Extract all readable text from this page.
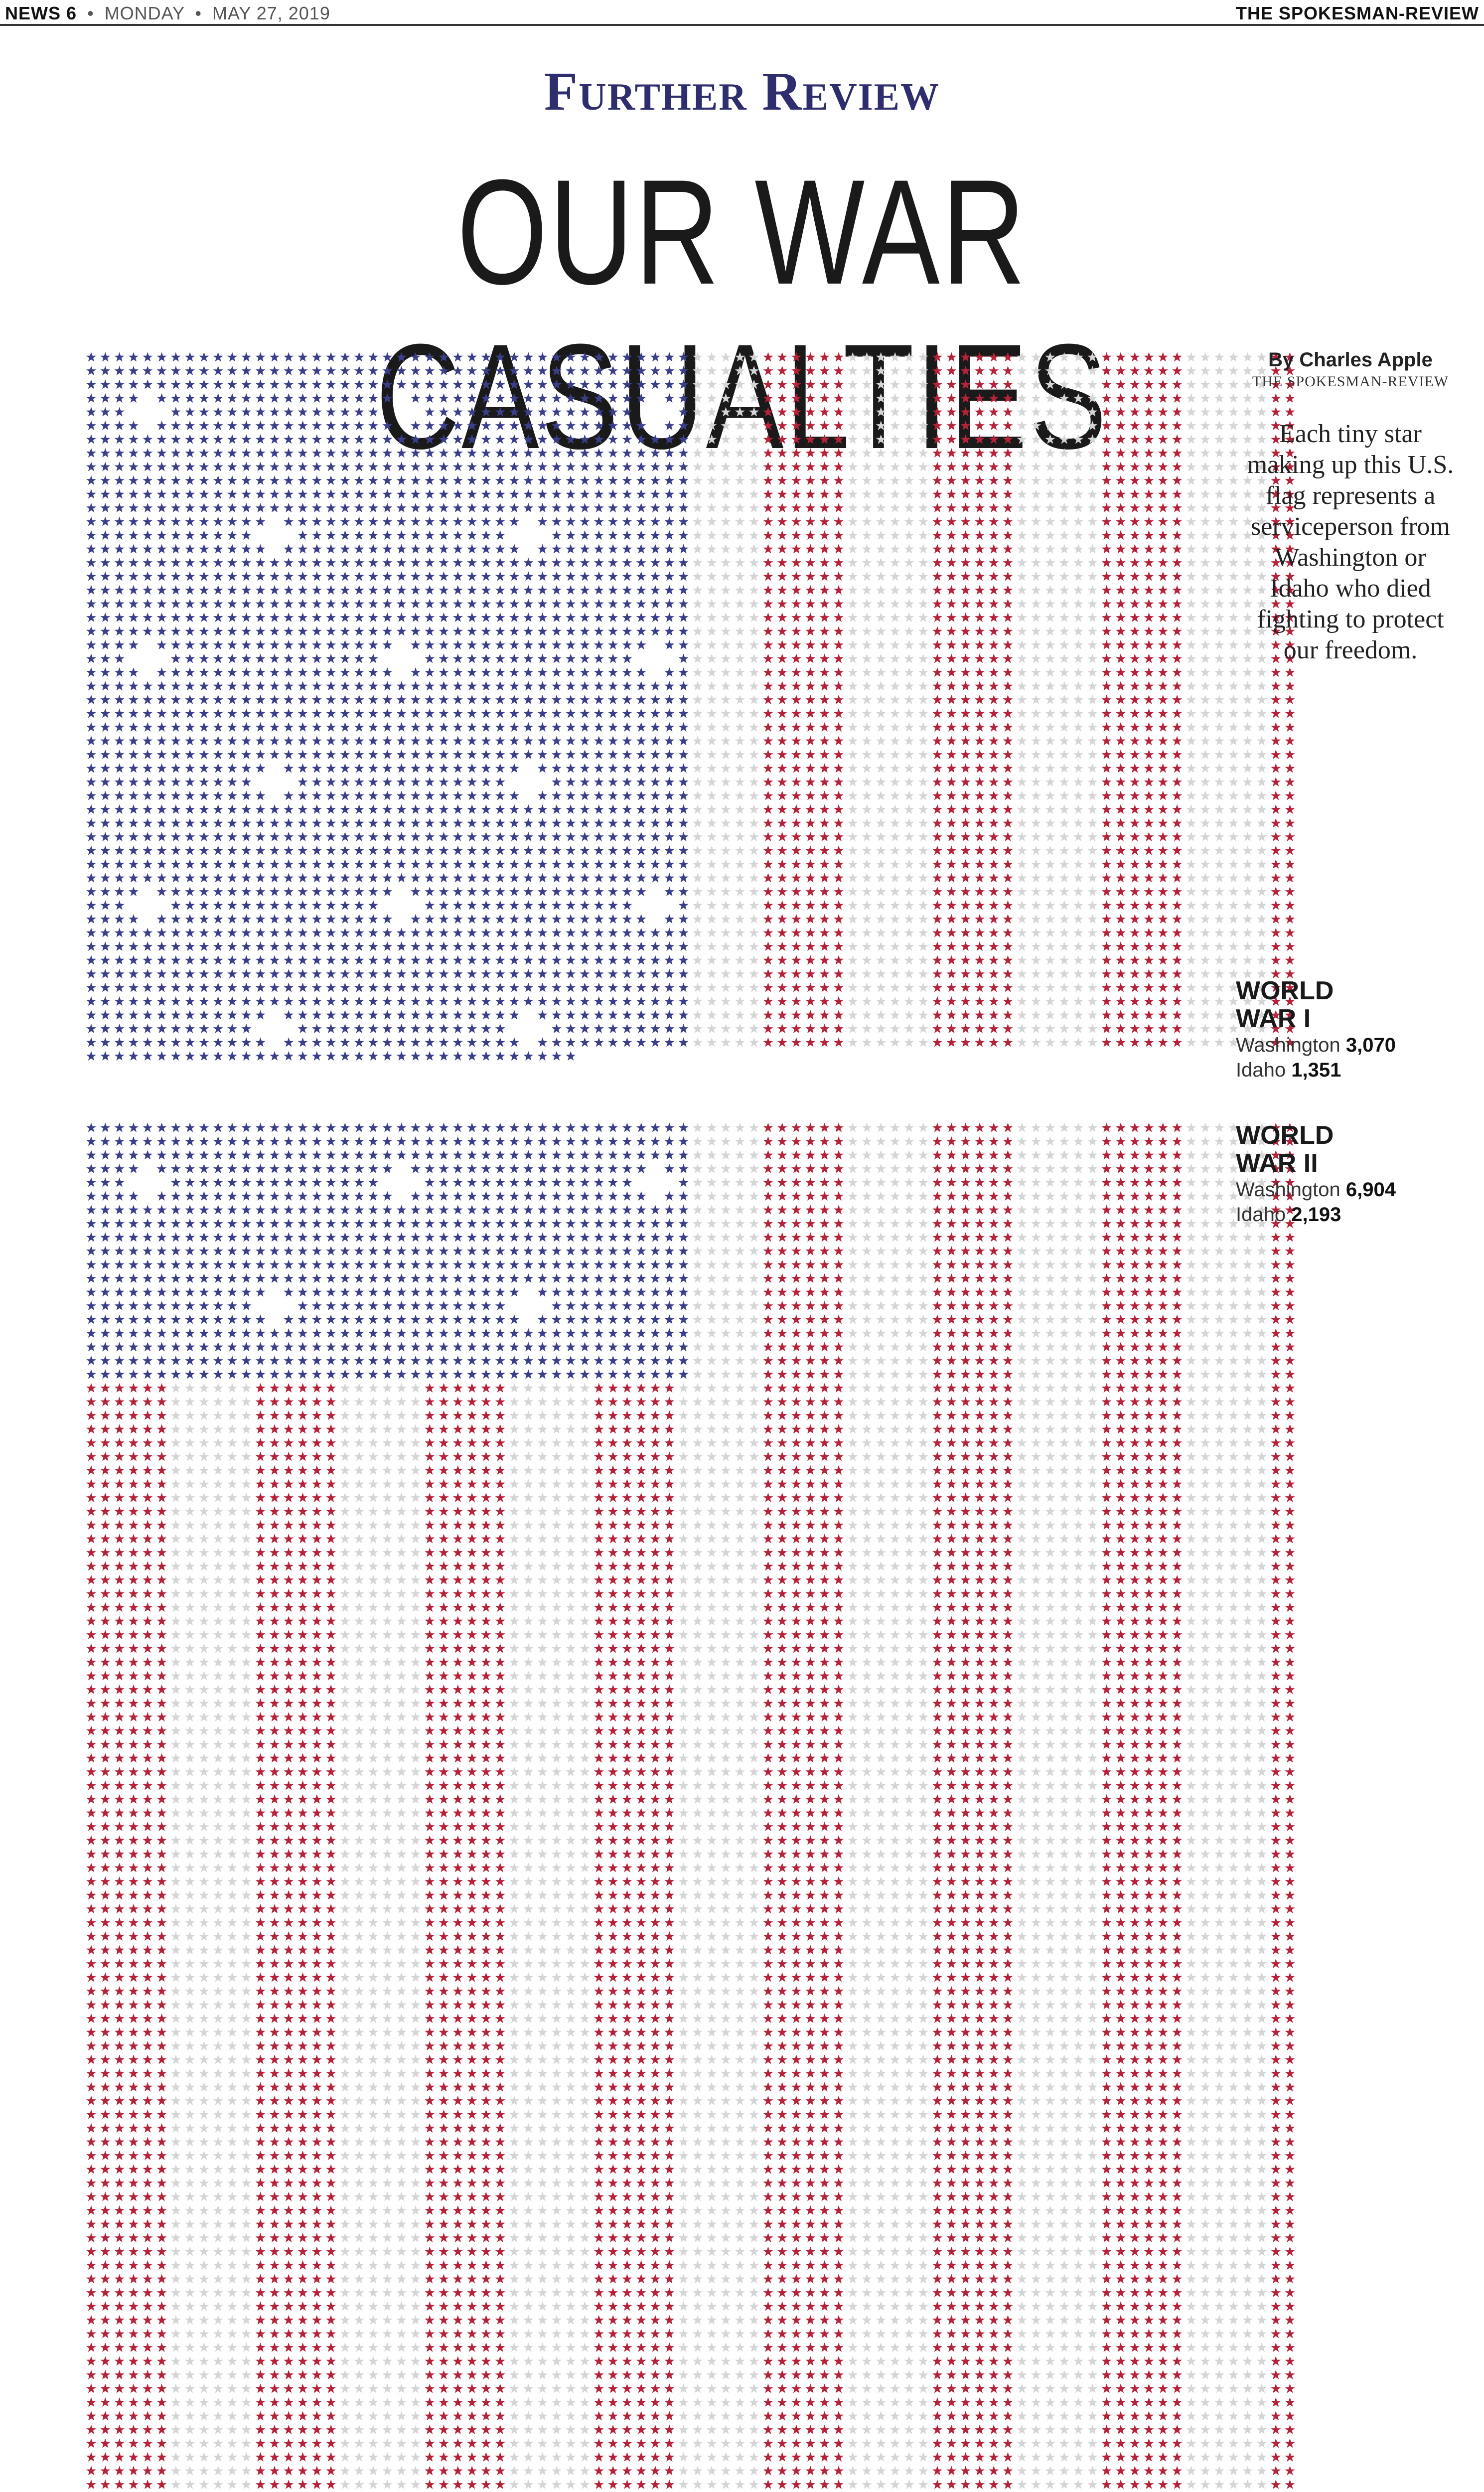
NEWS 6 • MONDAY • MAY 27, 2019	THE SPOKESMAN-REVIEW
Further Review
OUR WAR CASUALTIES	By Charles Apple
THE SPOKESMAN-REVIEW
Each tiny star making up this U.S. flag represents a serviceperson from Washington or Idaho who died fighting to protect our freedom.
WORLD
WAR I
Washington 3,070
Idaho 1,351
WORLD
WAR II
Washington 6,904
Idaho 2,193
